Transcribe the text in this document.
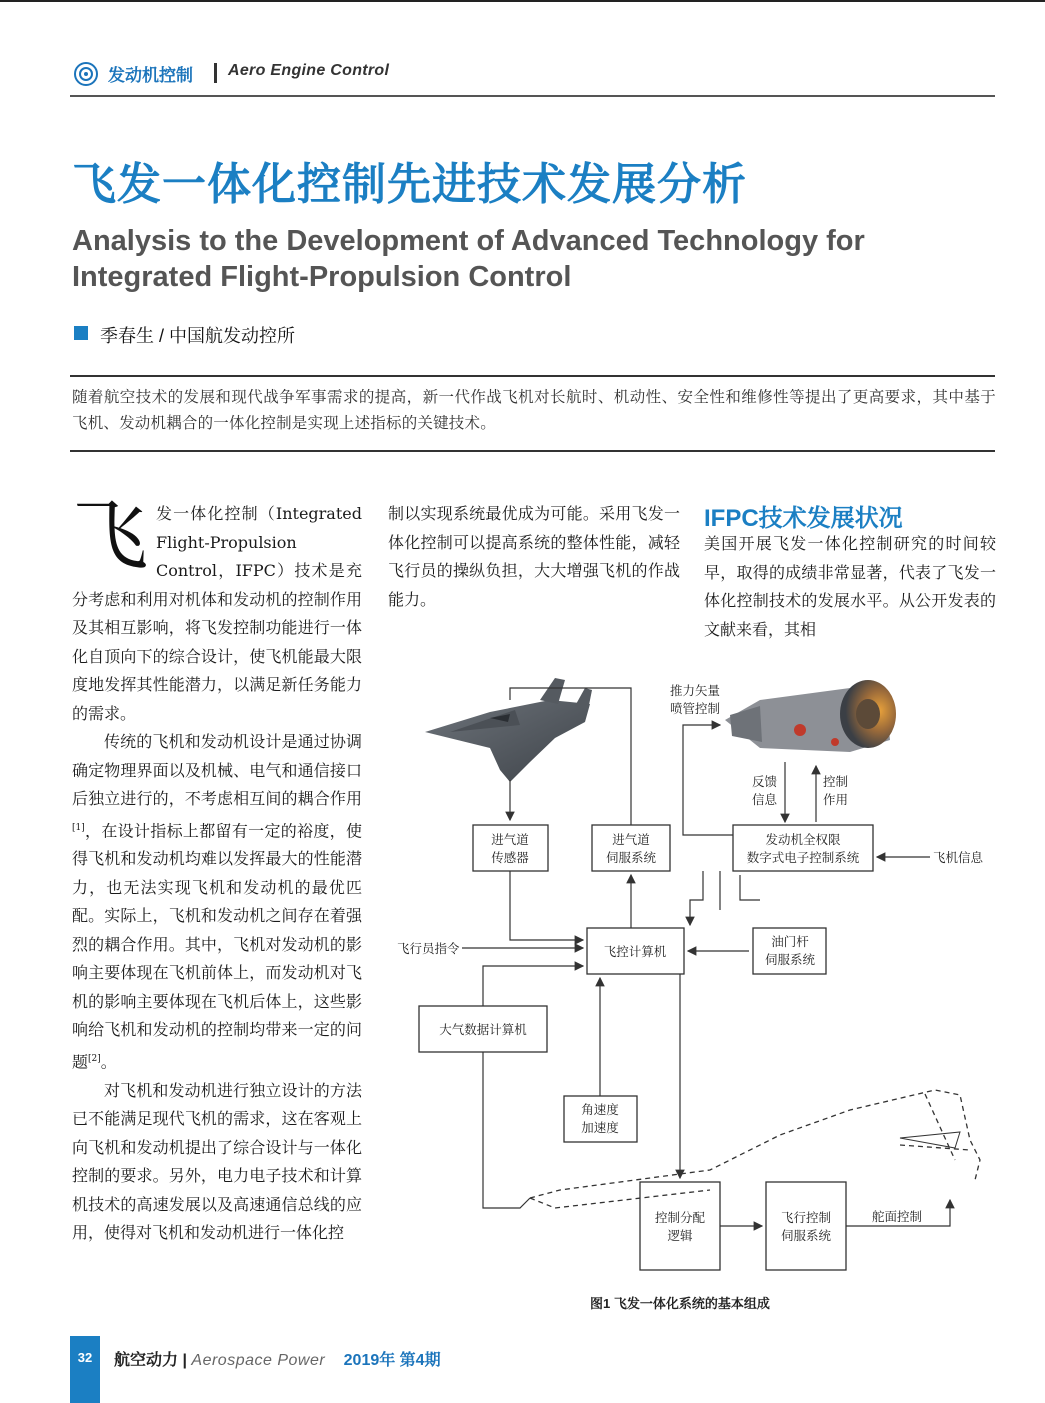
发动机控制 Aero Engine Control
飞发一体化控制先进技术发展分析
Analysis to the Development of Advanced Technology for Integrated Flight-Propulsion Control
季春生 / 中国航发动控所
随着航空技术的发展和现代战争军事需求的提高，新一代作战飞机对长航时、机动性、安全性和维修性等提出了更高要求，其中基于飞机、发动机耦合的一体化控制是实现上述指标的关键技术。

飞发一体化控制（Integrated Flight-Propulsion Control，IFPC）技术是充分考虑和利用对机体和发动机的控制作用及其相互影响，将飞发控制功能进行一体化自顶向下的综合设计，使飞机能最大限度地发挥其性能潜力，以满足新任务能力的需求。

传统的飞机和发动机设计是通过协调确定物理界面以及机械、电气和通信接口后独立进行的，不考虑相互间的耦合作用[1]，在设计指标上都留有一定的裕度，使得飞机和发动机均难以发挥最大的性能潜力，也无法实现飞机和发动机的最优匹配。实际上，飞机和发动机之间存在着强烈的耦合作用。其中，飞机对发动机的影响主要体现在飞机前体上，而发动机对飞机的影响主要体现在飞机后体上，这些影响给飞机和发动机的控制均带来一定的问题[2]。

对飞机和发动机进行独立设计的方法已不能满足现代飞机的需求，这在客观上向飞机和发动机提出了综合设计与一体化控制的要求。另外，电力电子技术和计算机技术的高速发展以及高速通信总线的应用，使得对飞机和发动机进行一体化控

制以实现系统最优成为可能。采用飞发一体化控制可以提高系统的整体性能，减轻飞行员的操纵负担，大大增强飞机的作战能力。
IFPC技术发展状况
美国开展飞发一体化控制研究的时间较早，取得的成绩非常显著，代表了飞发一体化控制技术的发展水平。从公开发表的文献来看，其相
推力矢量
喷管控制
反馈
信息
控制
作用
进气道
传感器
进气道
伺服系统
发动机全权限
数字式电子控制系统	飞机信息
飞控计算机
飞行员指令	油门杆
伺服系统
大气数据计算机
角速度
加速度
控制分配
逻辑
飞行控制
伺服系统
舵面控制
图1 飞发一体化系统的基本组成
32	航空动力 | Aerospace Power 2019年 第4期
